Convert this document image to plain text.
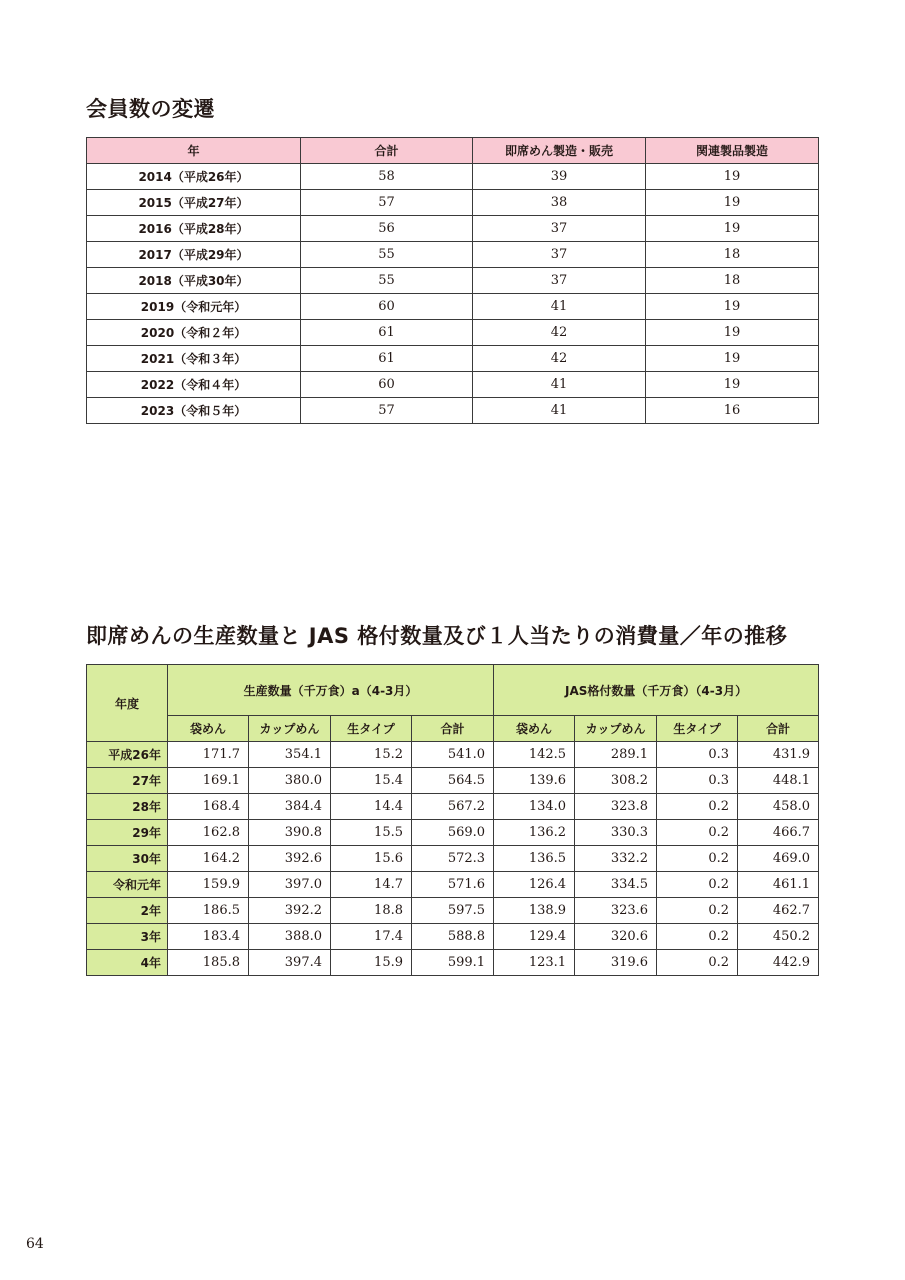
会員数の変遷
年	合計	即席めん製造・販売	関連製品製造
2014（平成26年）	58	39	19
2015（平成27年）	57	38	19
2016（平成28年）	56	37	19
2017（平成29年）	55	37	18
2018（平成30年）	55	37	18
2019（令和元年）	60	41	19
2020（令和２年）	61	42	19
2021（令和３年）	61	42	19
2022（令和４年）	60	41	19
2023（令和５年）	57	41	16
即席めんの生産数量と JAS 格付数量及び１人当たりの消費量／年の推移
年度	生産数量（千万食）a（4-3月）				JAS格付数量（千万食）（4-3月）			
	袋めん	カップめん	生タイプ	合計	袋めん	カップめん	生タイプ	合計
平成26年	171.7	354.1	15.2	541.0	142.5	289.1	0.3	431.9
27年	169.1	380.0	15.4	564.5	139.6	308.2	0.3	448.1
28年	168.4	384.4	14.4	567.2	134.0	323.8	0.2	458.0
29年	162.8	390.8	15.5	569.0	136.2	330.3	0.2	466.7
30年	164.2	392.6	15.6	572.3	136.5	332.2	0.2	469.0
令和元年	159.9	397.0	14.7	571.6	126.4	334.5	0.2	461.1
2年	186.5	392.2	18.8	597.5	138.9	323.6	0.2	462.7
3年	183.4	388.0	17.4	588.8	129.4	320.6	0.2	450.2
4年	185.8	397.4	15.9	599.1	123.1	319.6	0.2	442.9
64
